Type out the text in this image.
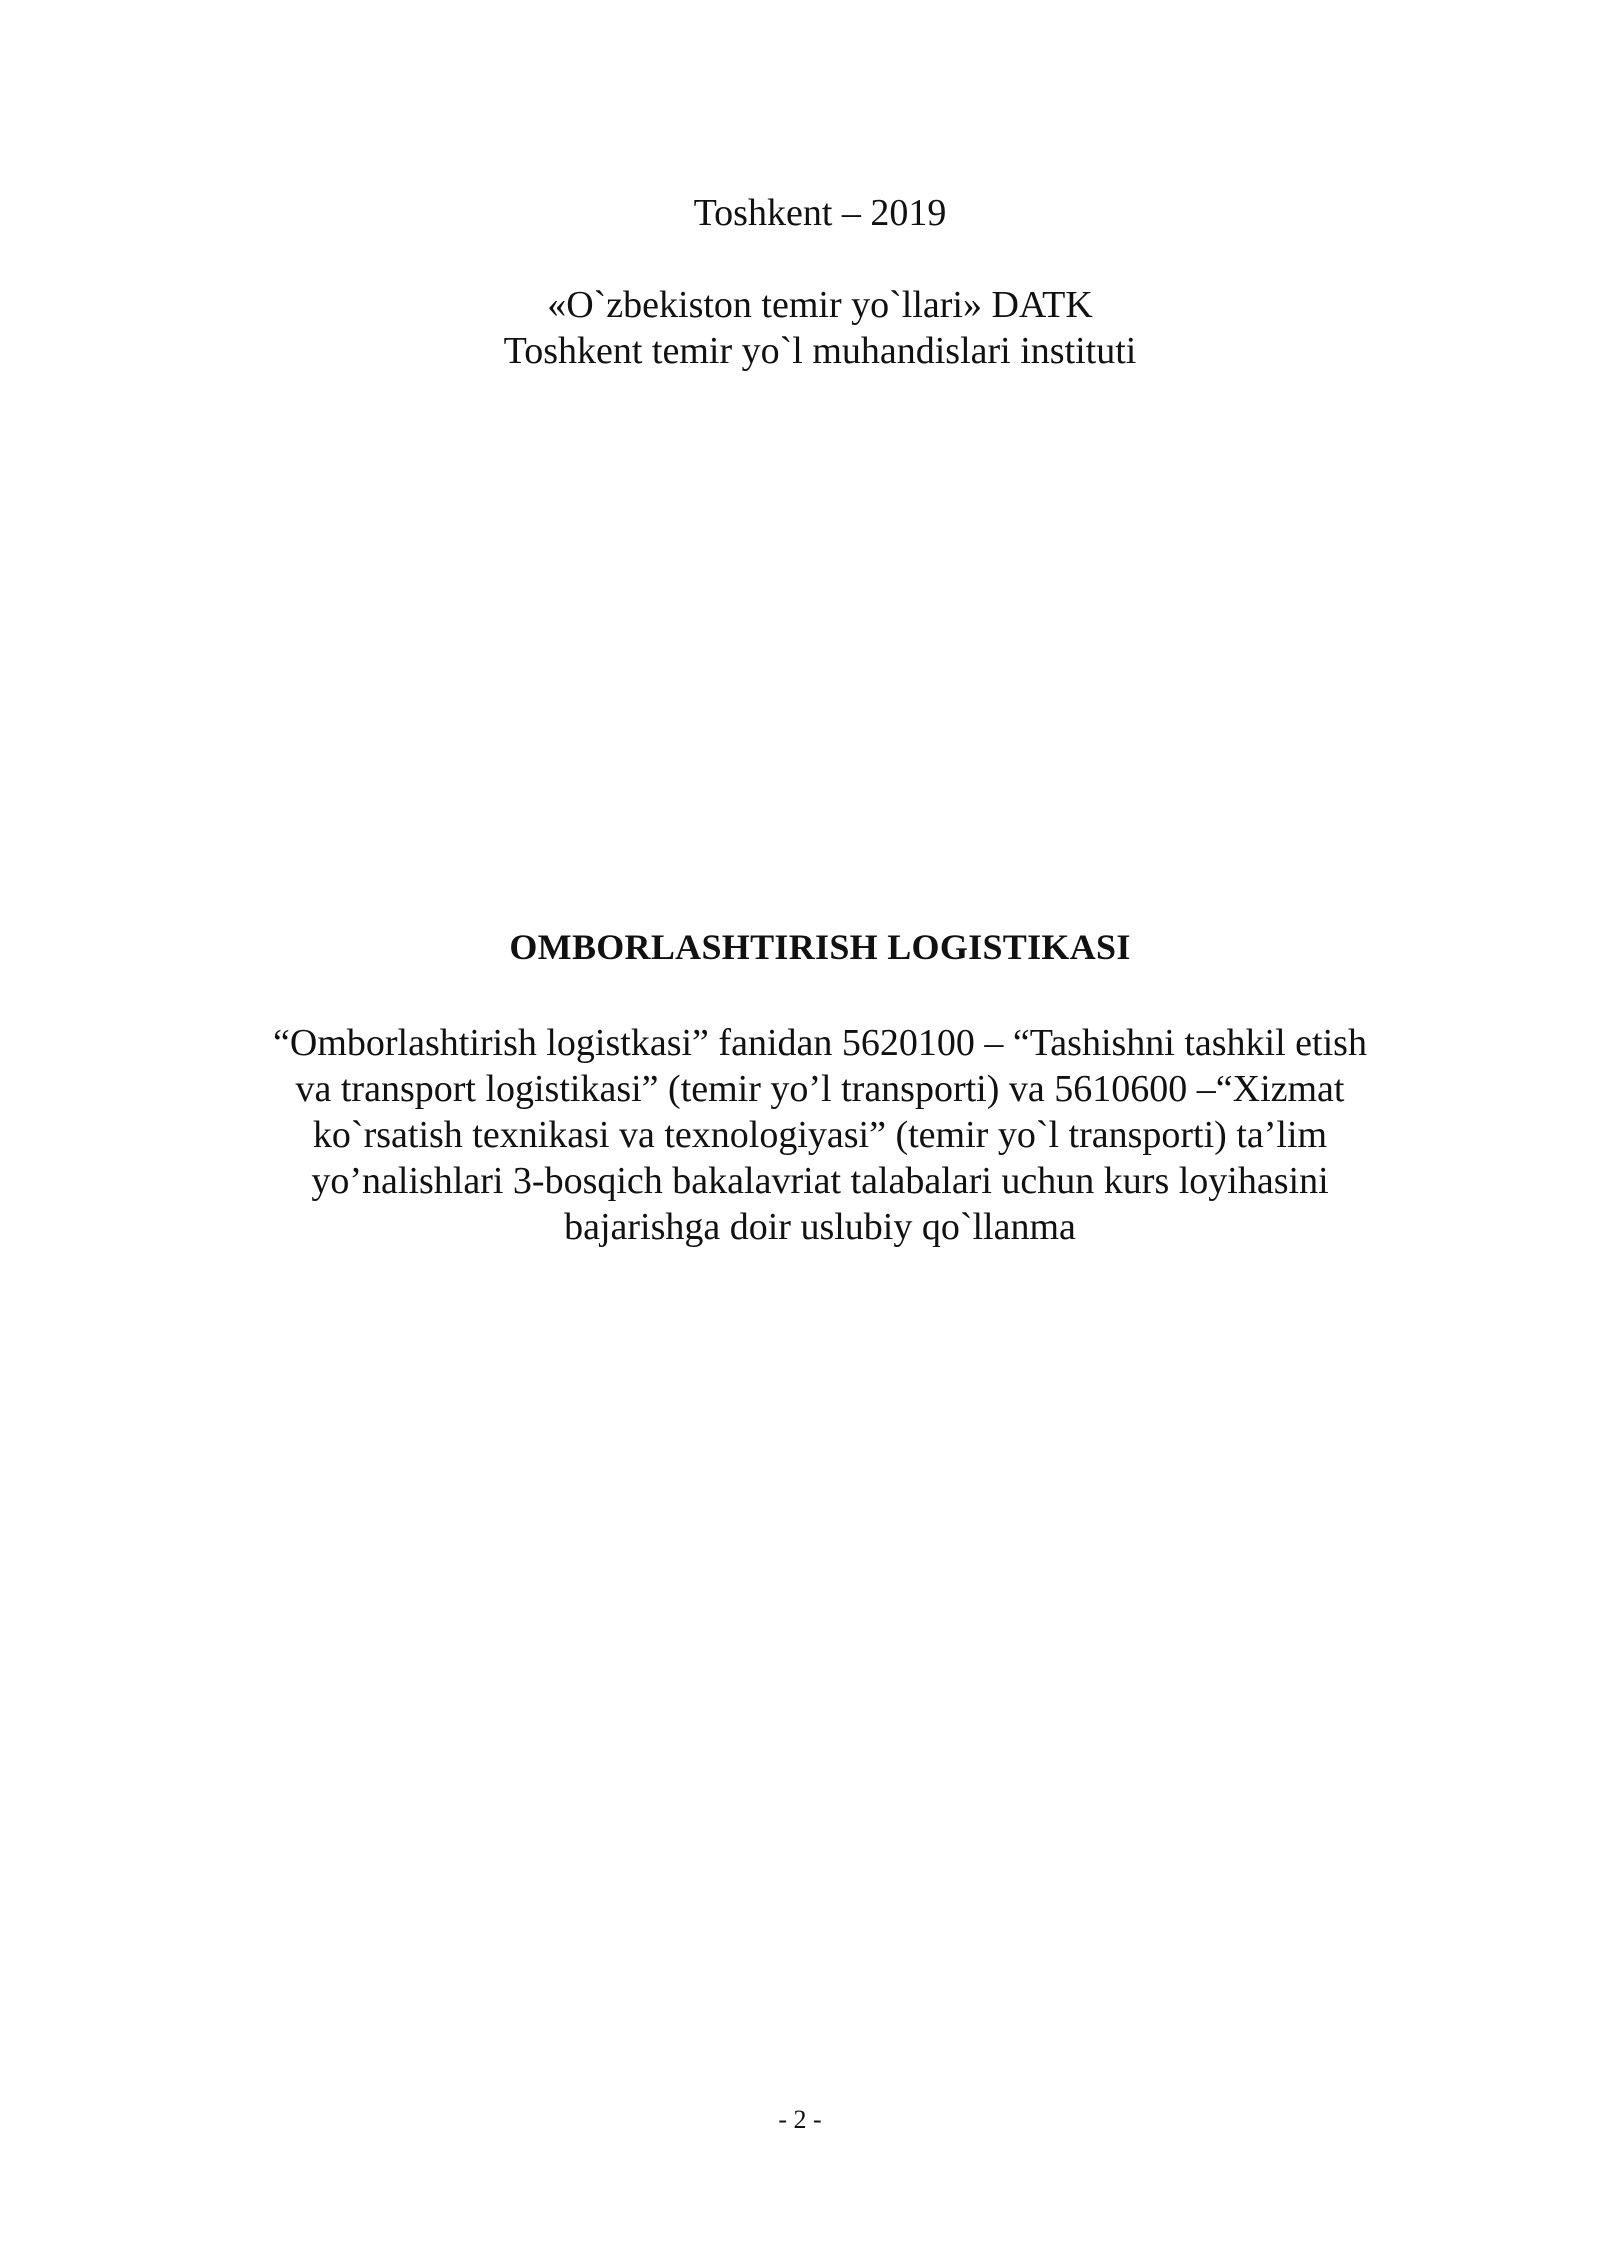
Toshkent – 2019
«O`zbekiston temir yo`llari» DATK
Toshkent temir yo`l muhandislari instituti
OMBORLASHTIRISH LOGISTIKASI
“Omborlashtirish logistkasi” fanidan 5620100 – “Tashishni tashkil etish
va transport logistikasi” (temir yo’l transporti) va 5610600 –“Xizmat
ko`rsatish texnikasi va texnologiyasi” (temir yo`l transporti) ta’lim
yo’nalishlari 3-bosqich bakalavriat talabalari uchun kurs loyihasini
bajarishga doir uslubiy qo`llanma
- 2 -
